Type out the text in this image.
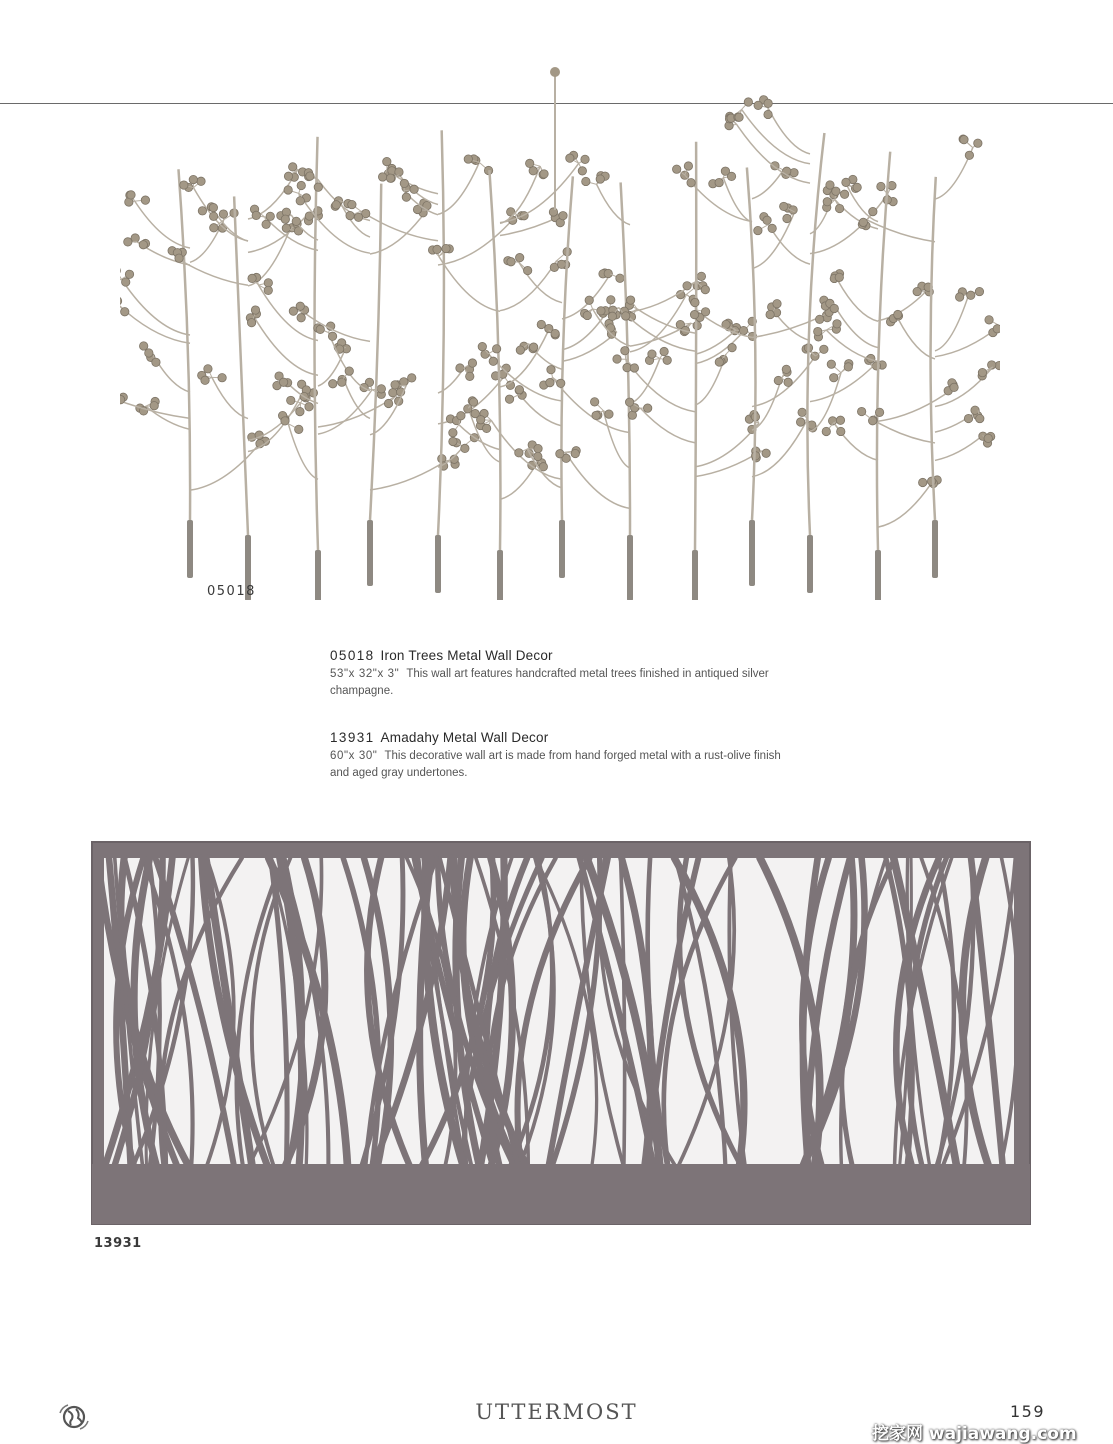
05018
05018 Iron Trees Metal Wall Decor
53"x 32"x 3" This wall art features handcrafted metal trees finished in antiqued silver champagne.
13931 Amadahy Metal Wall Decor
60"x 30" This decorative wall art is made from hand forged metal with a rust-olive finish and aged gray undertones.
13931
UTTERMOST	159
挖家网 wajiawang.com
